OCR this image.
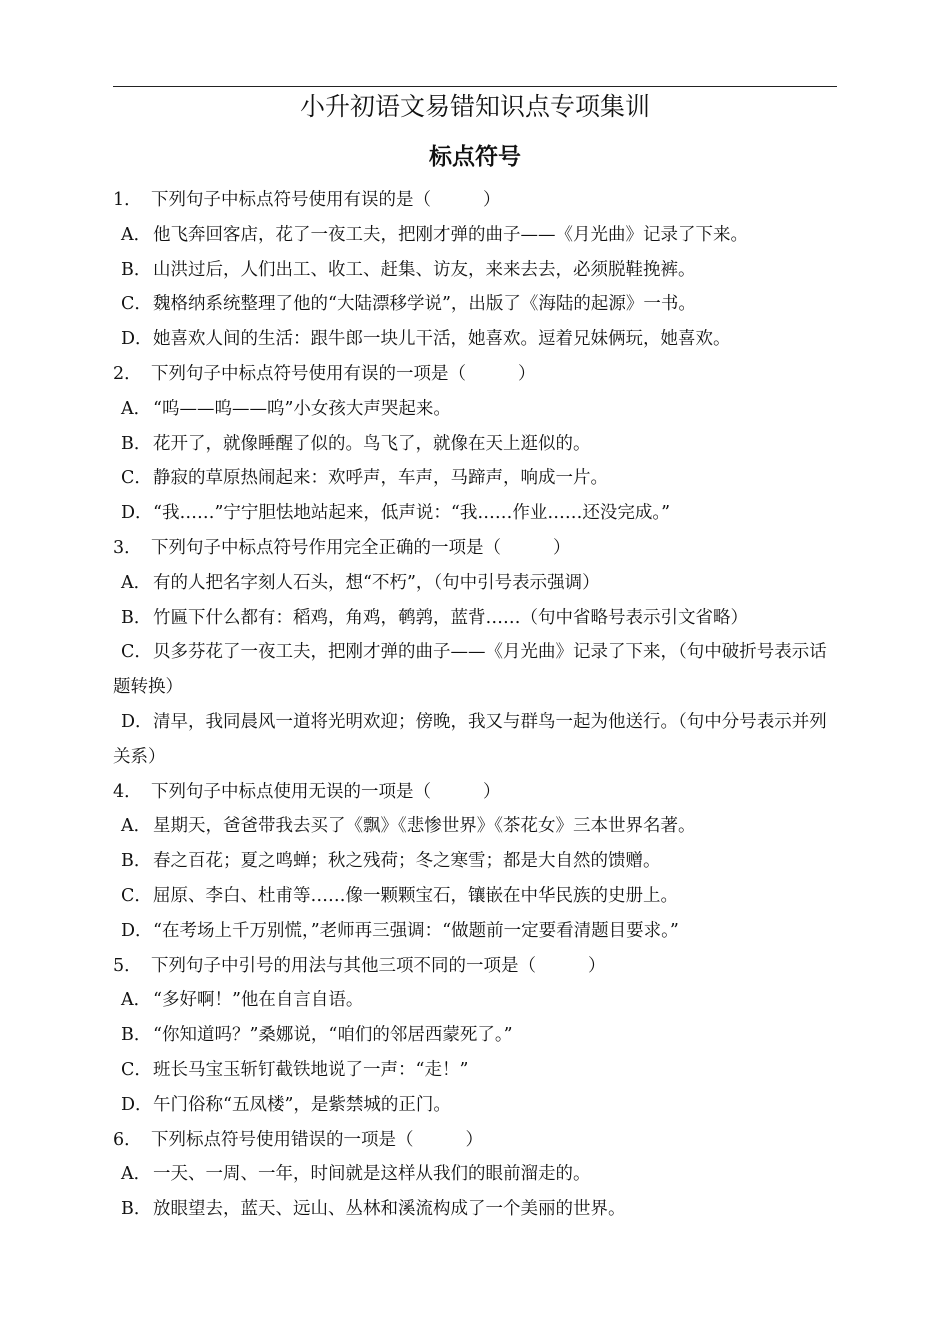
小升初语文易错知识点专项集训
标点符号
1． 下列句子中标点符号使用有误的是（	）
A． 他飞奔回客店，花了一夜工夫，把刚才弹的曲子——《月光曲》记录了下来。
B．山洪过后，人们出工、收工、赶集、访友，来来去去，必须脱鞋挽裤。
C．魏格纳系统整理了他的“大陆漂移学说”，出版了《海陆的起源》一书。
D．她喜欢人间的生活：跟牛郎一块儿干活，她喜欢。逗着兄妹俩玩，她喜欢。
2． 下列句子中标点符号使用有误的一项是（	）
A． “呜——呜——呜”小女孩大声哭起来。
B．花开了，就像睡醒了似的。鸟飞了，就像在天上逛似的。
C．静寂的草原热闹起来：欢呼声，车声，马蹄声，响成一片。
D．“我……”宁宁胆怯地站起来，低声说：“我……作业……还没完成。”
3． 下列句子中标点符号作用完全正确的一项是（	）
A． 有的人把名字刻人石头，想“不朽”，（句中引号表示强调）
B．竹匾下什么都有：稻鸡，角鸡，鹌鹑，蓝背……（句中省略号表示引文省略）
C．贝多芬花了一夜工夫，把刚才弹的曲子——《月光曲》记录了下来，（句中破折号表示话题转换）
D．清早，我同晨风一道将光明欢迎；傍晚，我又与群鸟一起为他送行。（句中分号表示并列关系）
4． 下列句子中标点使用无误的一项是（	）
A． 星期天，爸爸带我去买了《飘》《悲惨世界》《茶花女》三本世界名著。
B．春之百花；夏之鸣蝉；秋之残荷；冬之寒雪；都是大自然的馈赠。
C．屈原、李白、杜甫等……像一颗颗宝石，镶嵌在中华民族的史册上。
D．“在考场上千万别慌，”老师再三强调：“做题前一定要看清题目要求。”
5． 下列句子中引号的用法与其他三项不同的一项是（	）
A． “多好啊！”他在自言自语。
B．“你知道吗？”桑娜说，“咱们的邻居西蒙死了。”
C．班长马宝玉斩钉截铁地说了一声：“走！”
D．午门俗称“五凤楼”，是紫禁城的正门。
6． 下列标点符号使用错误的一项是（	）
A． 一天、一周、一年，时间就是这样从我们的眼前溜走的。
B．放眼望去，蓝天、远山、丛林和溪流构成了一个美丽的世界。
